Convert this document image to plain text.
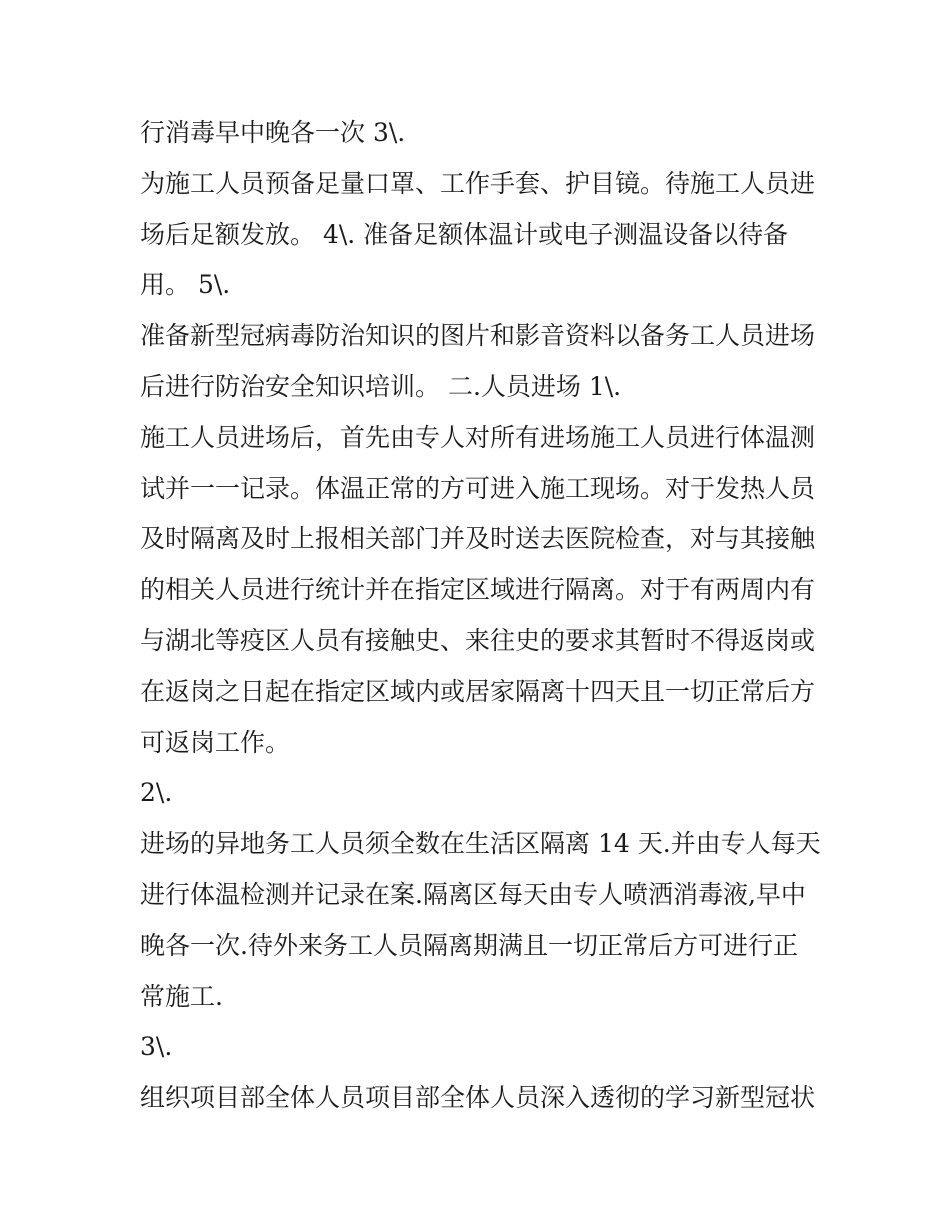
行消毒早中晚各一次 3\.
为施工人员预备足量口罩、工作手套、护目镜。待施工人员进
场后足额发放。 4\. 准备足额体温计或电子测温设备以待备
用。 5\.
准备新型冠病毒防治知识的图片和影音资料以备务工人员进场
后进行防治安全知识培训。 二.人员进场 1\.
施工人员进场后，首先由专人对所有进场施工人员进行体温测
试并一一记录。体温正常的方可进入施工现场。对于发热人员
及时隔离及时上报相关部门并及时送去医院检查，对与其接触
的相关人员进行统计并在指定区域进行隔离。对于有两周内有
与湖北等疫区人员有接触史、来往史的要求其暂时不得返岗或
在返岗之日起在指定区域内或居家隔离十四天且一切正常后方
可返岗工作。
2\.
进场的异地务工人员须全数在生活区隔离 14 天.并由专人每天
进行体温检测并记录在案.隔离区每天由专人喷洒消毒液,早中
晚各一次.待外来务工人员隔离期满且一切正常后方可进行正
常施工.
3\.
组织项目部全体人员项目部全体人员深入透彻的学习新型冠状
